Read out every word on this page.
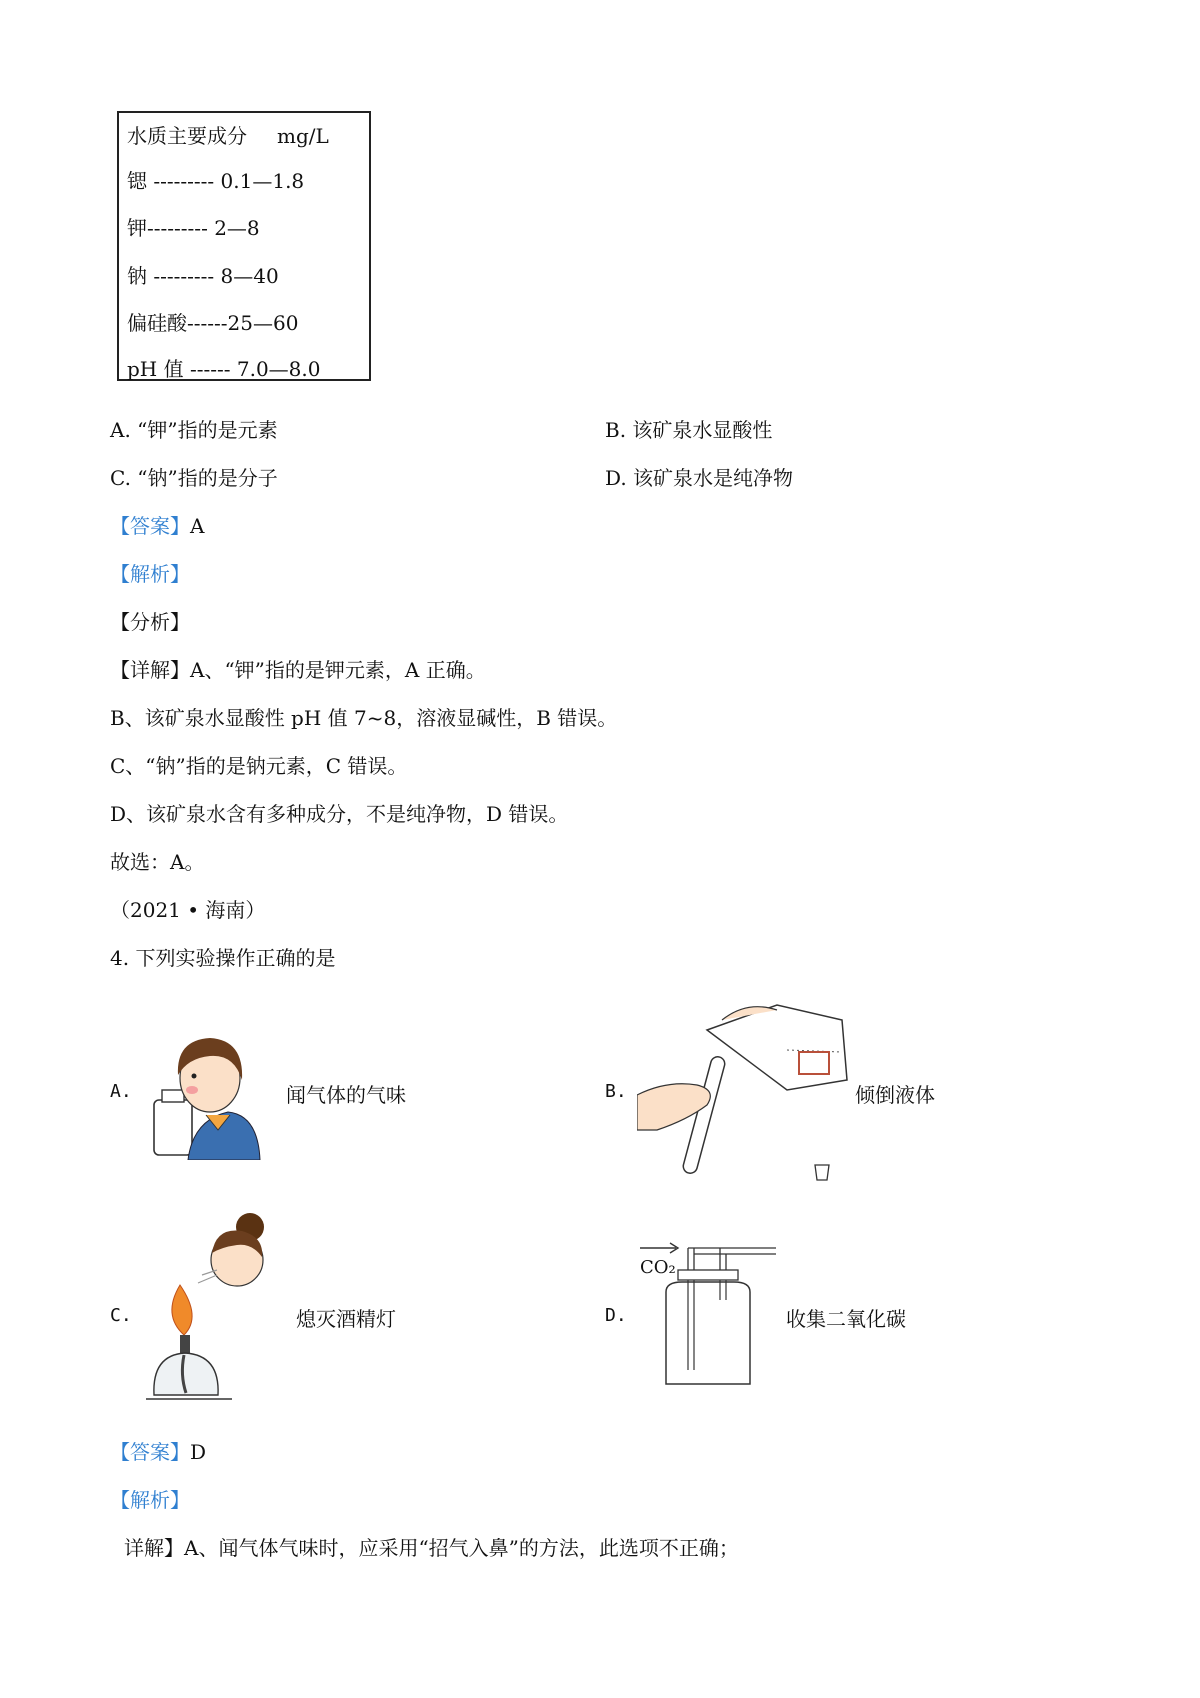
水质主要成分 mg/L
锶 --------- 0.1—1.8
钾--------- 2—8
钠 --------- 8—40
偏硅酸------25—60
pH 值 ------ 7.0—8.0
A. “钾”指的是元素	B. 该矿泉水显酸性
C. “钠”指的是分子	D. 该矿泉水是纯净物
【答案】A
【解析】
【分析】
【详解】A、“钾”指的是钾元素，A 正确。
B、该矿泉水显酸性 pH 值 7~8，溶液显碱性，B 错误。
C、“钠”指的是钠元素，C 错误。
D、该矿泉水含有多种成分，不是纯净物，D 错误。
故选：A。
（2021 • 海南）
4. 下列实验操作正确的是
A.	闻气体的气味	B.	倾倒液体
C.	熄灭酒精灯	D.
CO₂
收集二氧化碳
【答案】D
【解析】
详解】A、闻气体气味时，应采用“招气入鼻”的方法，此选项不正确；
